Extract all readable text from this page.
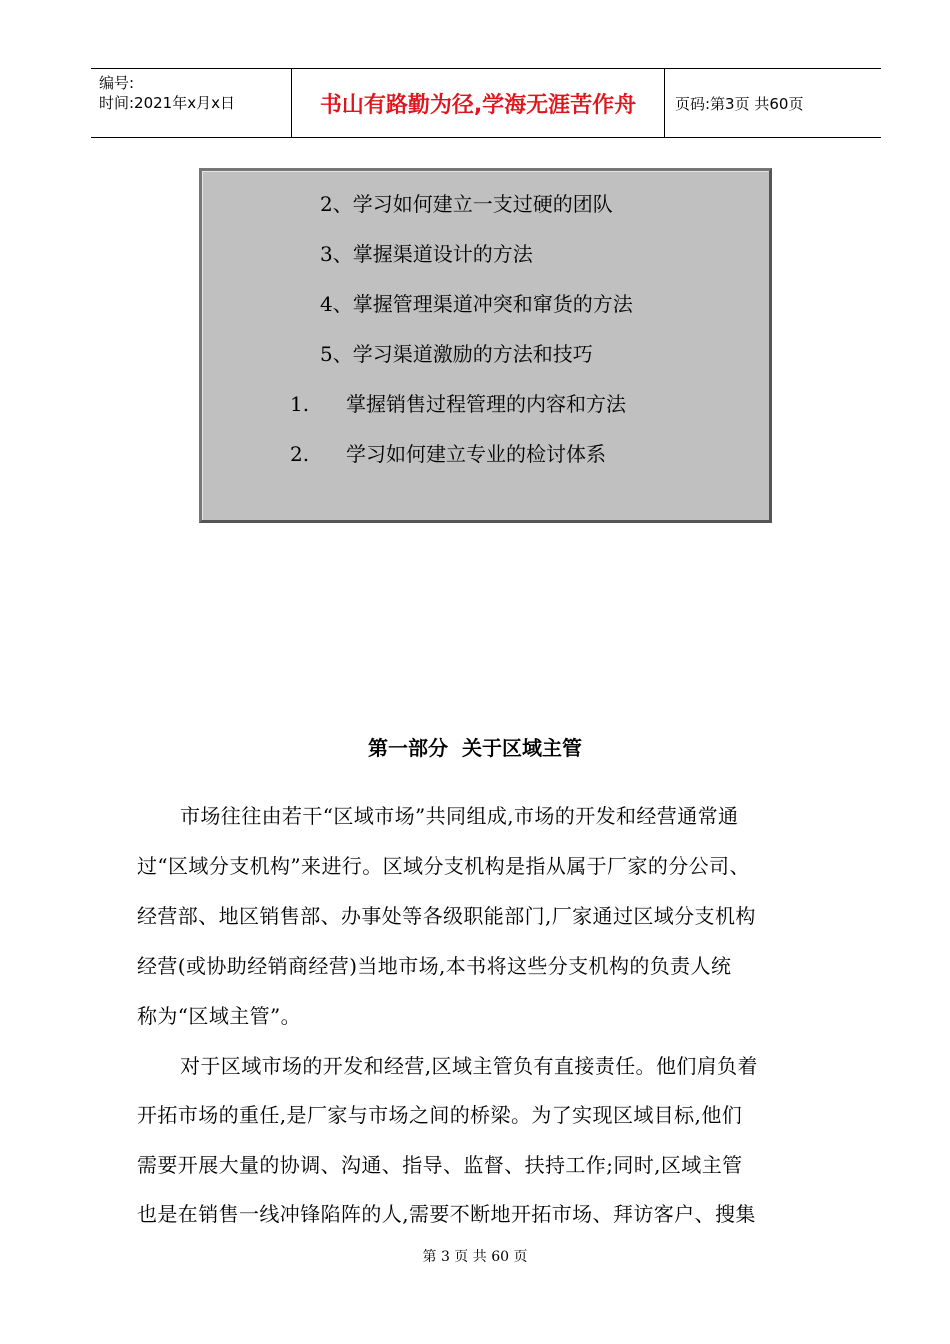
编号:
时间:2021年x月x日	书山有路勤为径,学海无涯苦作舟	页码:第3页 共60页
2、学习如何建立一支过硬的团队
3、掌握渠道设计的方法
4、掌握管理渠道冲突和窜货的方法
5、学习渠道激励的方法和技巧
1. 掌握销售过程管理的内容和方法
2. 学习如何建立专业的检讨体系
第一部分  关于区域主管
市场往往由若干“区域市场”共同组成,市场的开发和经营通常通
过“区域分支机构”来进行。区域分支机构是指从属于厂家的分公司、
经营部、地区销售部、办事处等各级职能部门,厂家通过区域分支机构
经营(或协助经销商经营)当地市场,本书将这些分支机构的负责人统
称为“区域主管”。
对于区域市场的开发和经营,区域主管负有直接责任。他们肩负着
开拓市场的重任,是厂家与市场之间的桥梁。为了实现区域目标,他们
需要开展大量的协调、沟通、指导、监督、扶持工作;同时,区域主管
也是在销售一线冲锋陷阵的人,需要不断地开拓市场、拜访客户、搜集
第 3 页 共 60 页
